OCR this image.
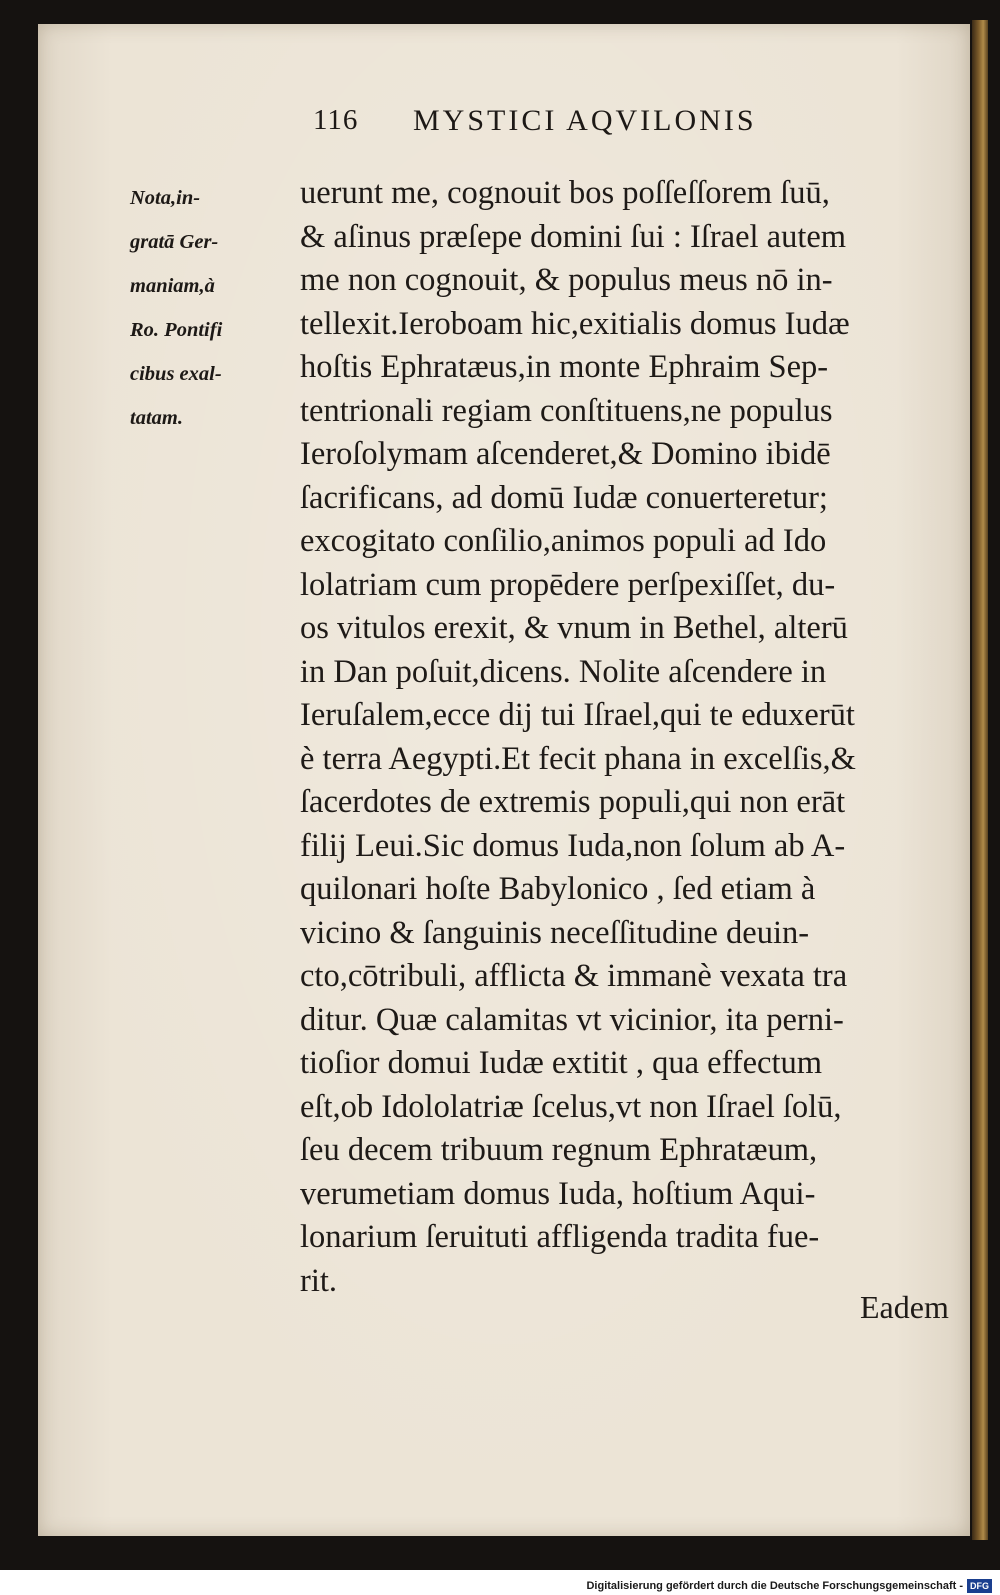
116 MYSTICI AQVILONIS
Nota,in-
gratā Ger-
maniam,à
Ro. Pontifi
cibus exal-
tatam.
uerunt me, cognouit bos poſſeſſorem ſuū,
& aſinus præſepe domini ſui : Iſrael autem
me non cognouit, & populus meus nō in-
tellexit.Ieroboam hic,exitialis domus Iudæ
hoſtis Ephratæus,in monte Ephraim Sep-
tentrionali regiam conſtituens,ne populus
Ieroſolymam aſcenderet,& Domino ibidē
ſacrificans, ad domū Iudæ conuerteretur;
excogitato conſilio,animos populi ad Ido
lolatriam cum propēdere perſpexiſſet, du-
os vitulos erexit, & vnum in Bethel, alterū
in Dan poſuit,dicens. Nolite aſcendere in
Ieruſalem,ecce dij tui Iſrael,qui te eduxerūt
è terra Aegypti.Et fecit phana in excelſis,&
ſacerdotes de extremis populi,qui non erāt
filij Leui.Sic domus Iuda,non ſolum ab A-
quilonari hoſte Babylonico , ſed etiam à
vicino & ſanguinis neceſſitudine deuin-
cto,cōtribuli, afflicta & immanè vexata tra
ditur. Quæ calamitas vt vicinior, ita perni-
tioſior domui Iudæ extitit , qua effectum
eſt,ob Idololatriæ ſcelus,vt non Iſrael ſolū,
ſeu decem tribuum regnum Ephratæum,
verumetiam domus Iuda, hoſtium Aqui-
lonarium ſeruituti affligenda tradita fue-
rit.
Eadem
Digitalisierung gefördert durch die Deutsche Forschungsgemeinschaft - DFG
